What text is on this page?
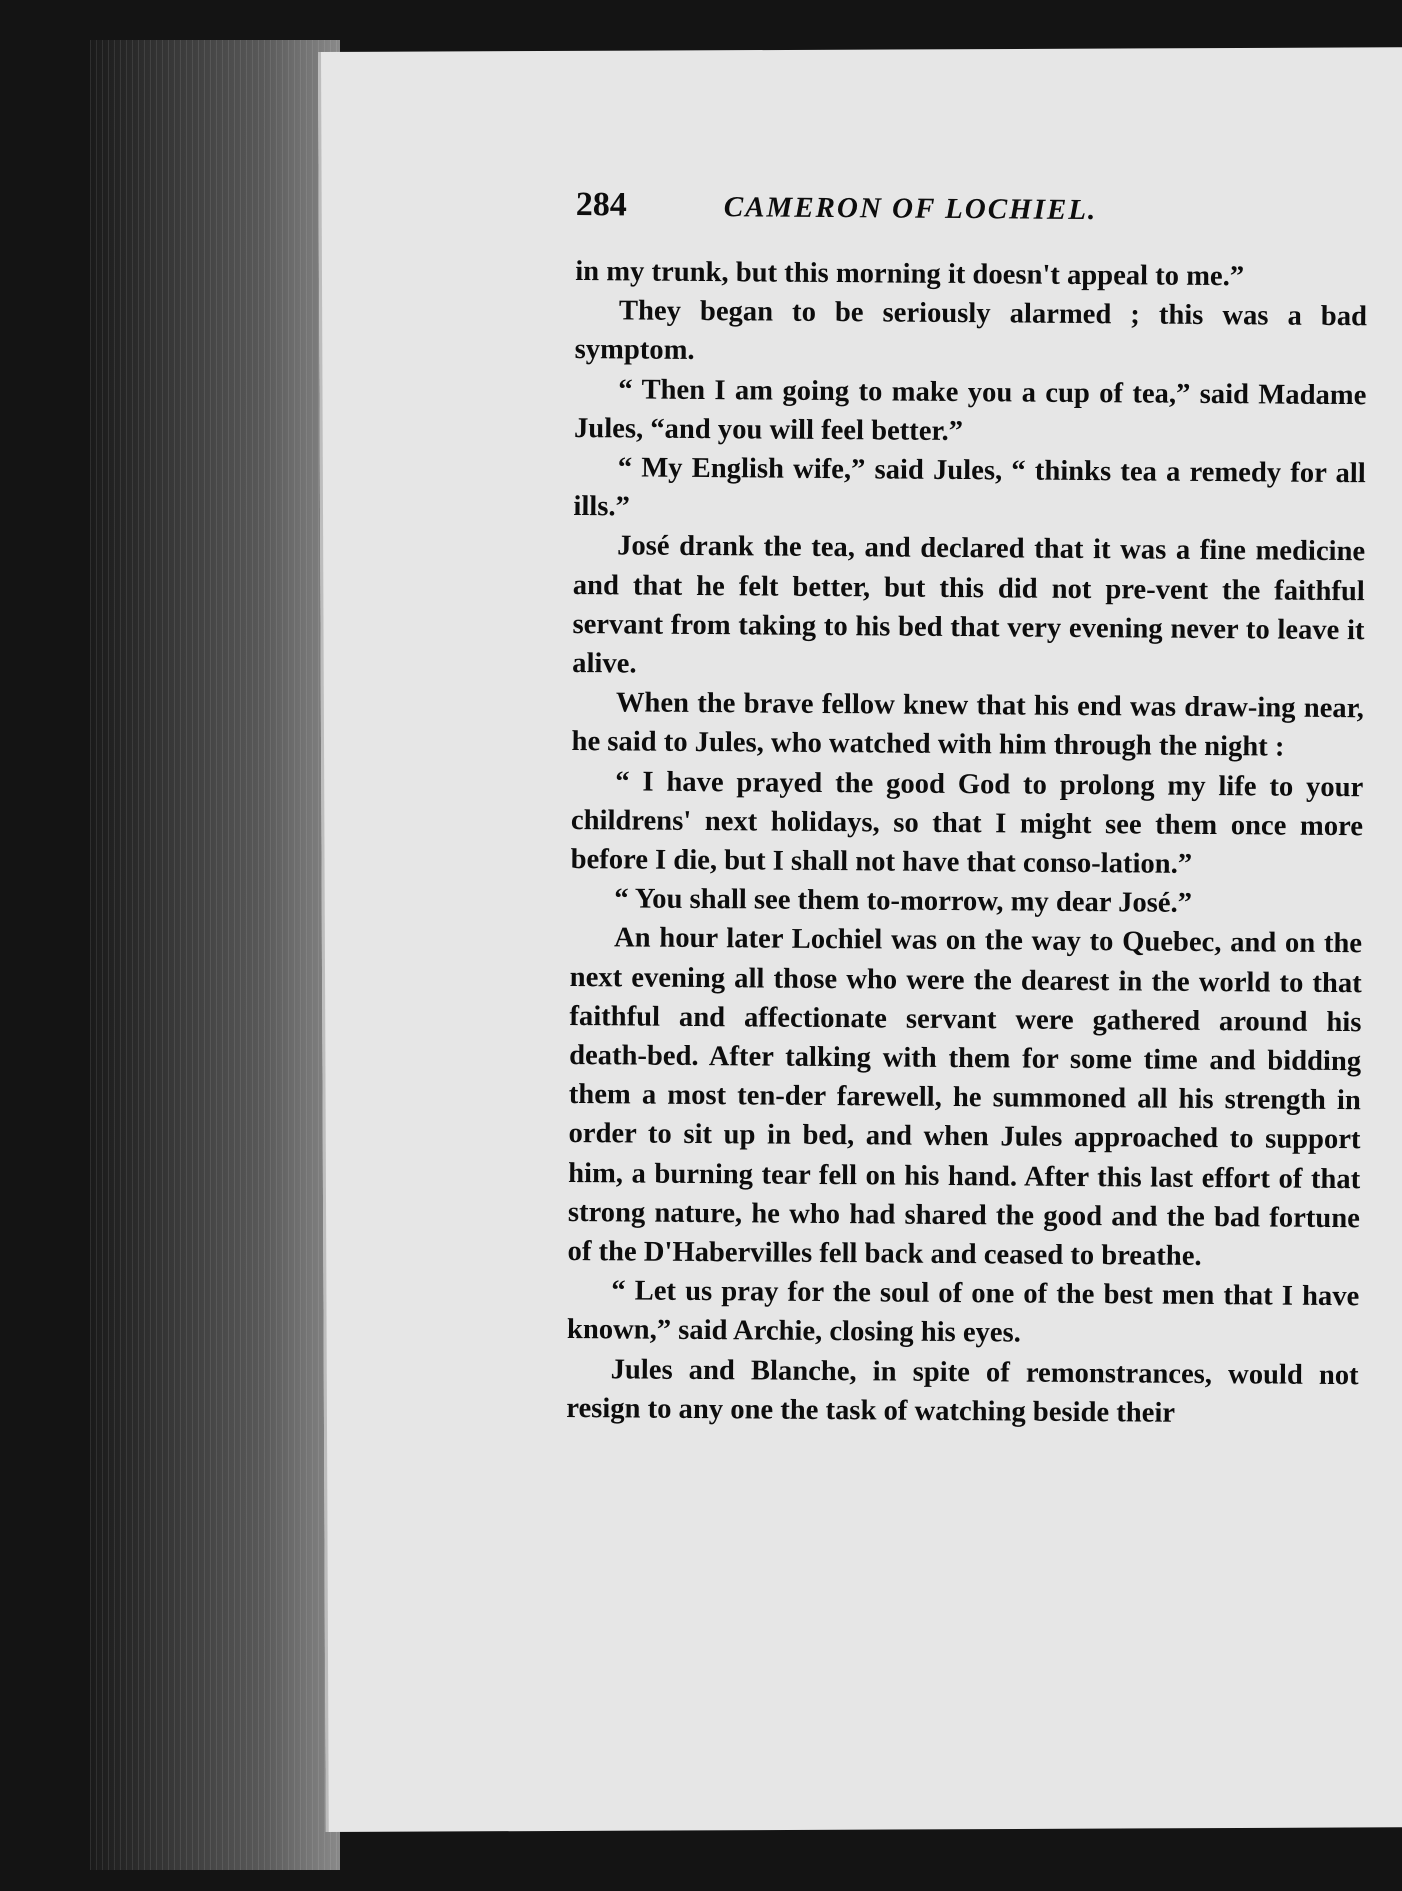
284	CAMERON OF LOCHIEL.

in my trunk, but this morning it doesn't appeal to me.”

They began to be seriously alarmed ; this was a bad symptom.

“ Then I am going to make you a cup of tea,” said Madame Jules, “and you will feel better.”

“ My English wife,” said Jules, “ thinks tea a remedy for all ills.”

José drank the tea, and declared that it was a fine medicine and that he felt better, but this did not pre-vent the faithful servant from taking to his bed that very evening never to leave it alive.

When the brave fellow knew that his end was draw-ing near, he said to Jules, who watched with him through the night :

“ I have prayed the good God to prolong my life to your childrens' next holidays, so that I might see them once more before I die, but I shall not have that conso-lation.”

“ You shall see them to-morrow, my dear José.”

An hour later Lochiel was on the way to Quebec, and on the next evening all those who were the dearest in the world to that faithful and affectionate servant were gathered around his death-bed. After talking with them for some time and bidding them a most ten-der farewell, he summoned all his strength in order to sit up in bed, and when Jules approached to support him, a burning tear fell on his hand. After this last effort of that strong nature, he who had shared the good and the bad fortune of the D'Habervilles fell back and ceased to breathe.

“ Let us pray for the soul of one of the best men that I have known,” said Archie, closing his eyes.

Jules and Blanche, in spite of remonstrances, would not resign to any one the task of watching beside their
